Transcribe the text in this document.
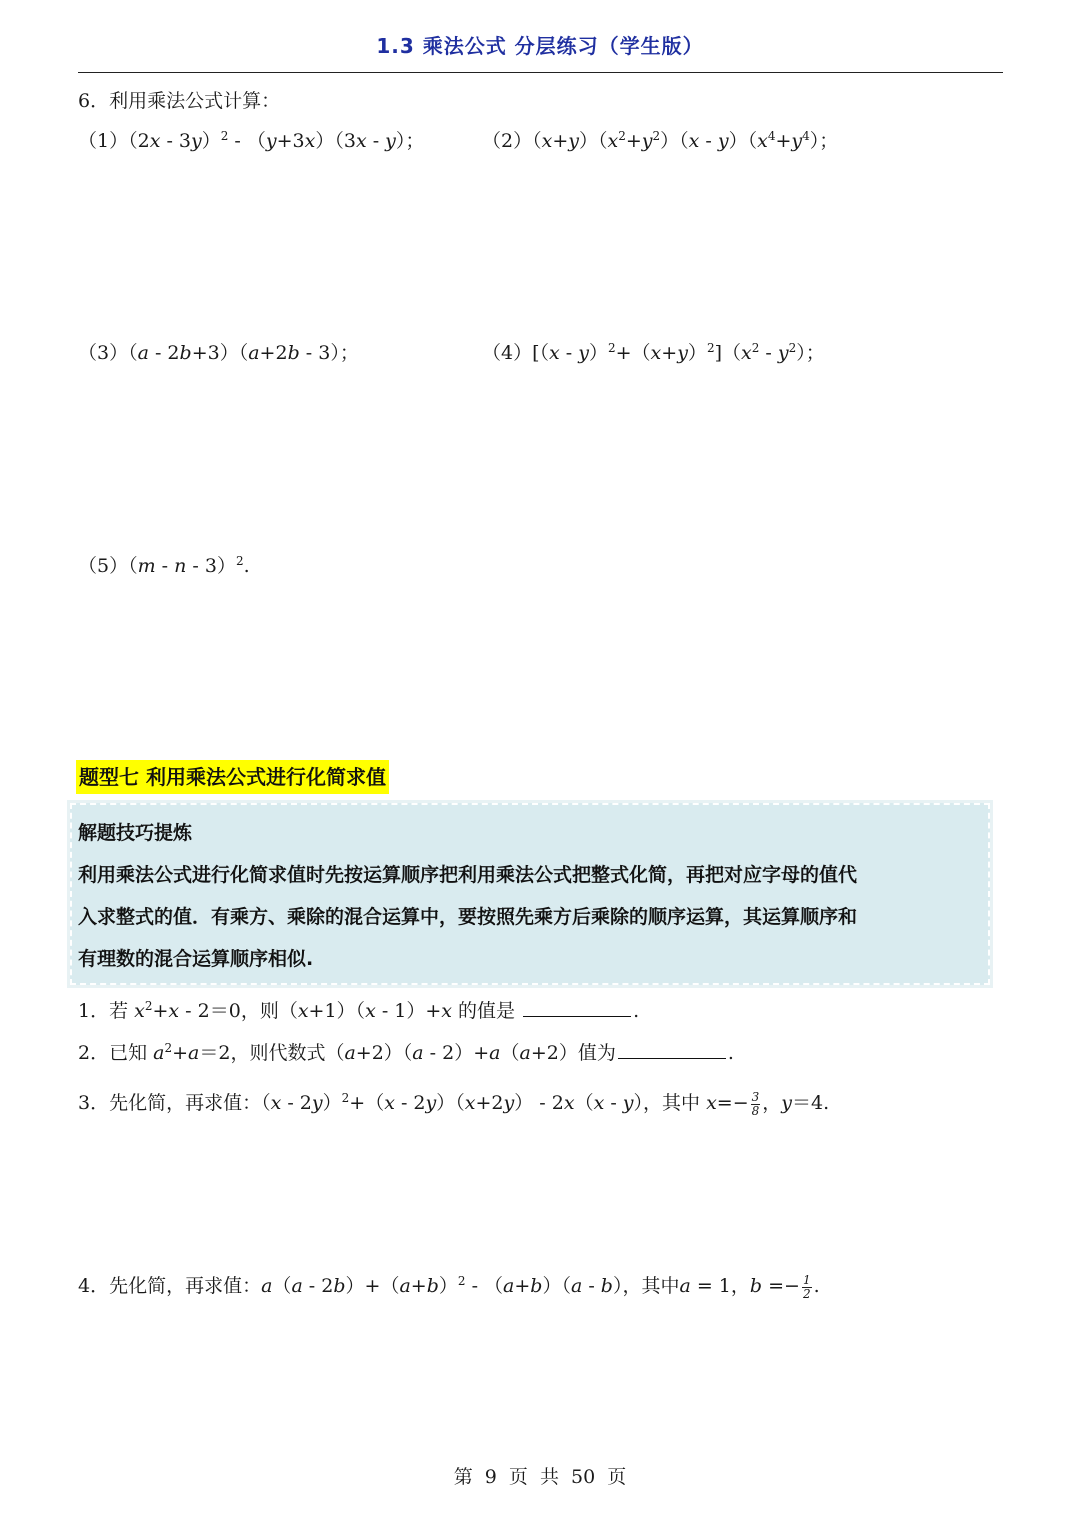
1.3 乘法公式 分层练习（学生版）
6．利用乘法公式计算：
（1）（2x - 3y）$^2$ - （y+3x）（3x - y）；	$(2)(x+y)(x^2+y^2)(x - y)(x^4+y^4)$；
（3）（a - 2b+3）（a+2b - 3）；	$(4)[(x - y)^2+(x+y)^2](x^2 - y^2)$；
（5）（m - n - 3）$^2$.
题型七 利用乘法公式进行化简求值
解题技巧提炼
利用乘法公式进行化简求值时先按运算顺序把利用乘法公式把整式化简，再把对应字母的值代
入求整式的值．有乘方、乘除的混合运算中，要按照先乘方后乘除的顺序运算，其运算顺序和
有理数的混合运算顺序相似.
1．若 $x^2+x - 2=0$，则（x+1）（x - 1）+x 的值是	.
2．已知 $a^2+a=2$，则代数式（a+2）（a - 2）+a（a+2）值为	.
3．先化简，再求值：（x - 2y）$^2$+（x - 2y）（x+2y） - 2x（x - y），其中 $x=- \frac{3}{8}$ ，y＝4.
4．先化简，再求值：$a(a - 2b)+(a+b)^2 - (a+b)(a - b)$，其中a = 1，$b =- \frac{1}{2}$ .
第 9 页 共 50 页
